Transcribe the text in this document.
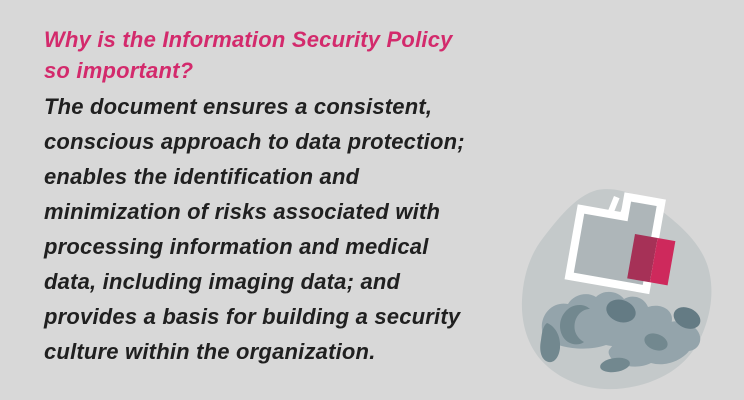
Why is the Information Security Policy
so important?
The document ensures a consistent,
conscious approach to data protection;
enables the identification and
minimization of risks associated with
processing information and medical
data, including imaging data; and
provides a basis for building a security
culture within the organization.
